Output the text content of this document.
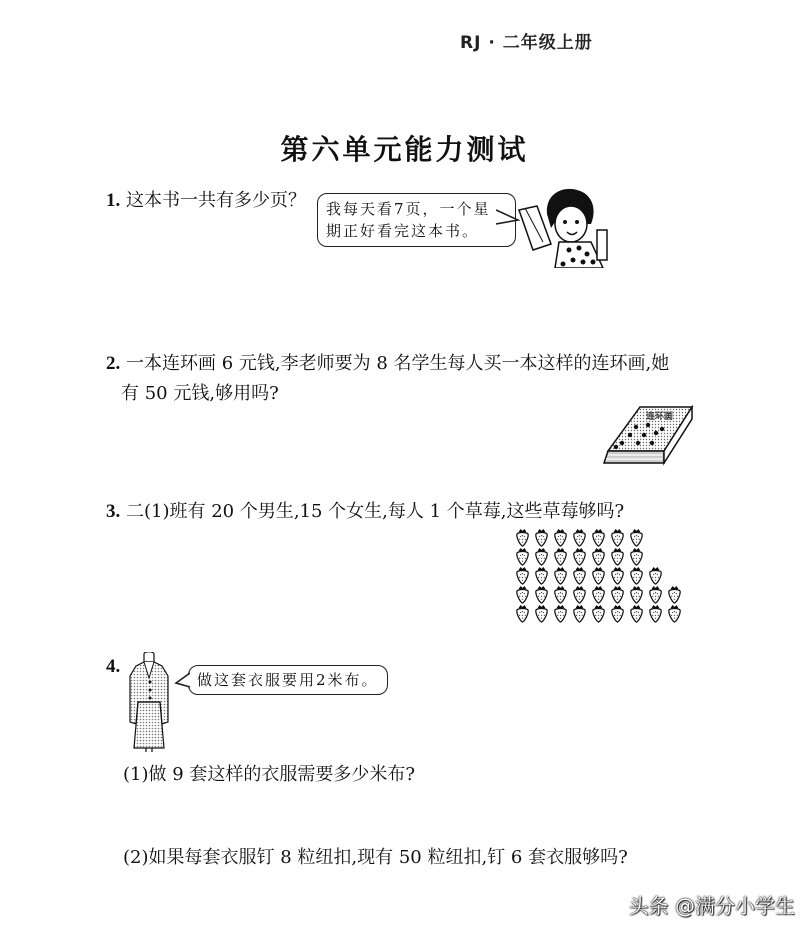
RJ · 二年级上册
第六单元能力测试
1. 这本书一共有多少页？ 我每天看7页，一个星
期正好看完这本书。
2. 一本连环画 6 元钱,李老师要为 8 名学生每人买一本这样的连环画,她
有 50 元钱,够用吗?
连环画
3. 二(1)班有 20 个男生,15 个女生,每人 1 个草莓,这些草莓够吗?
4.
做这套衣服要用2米布。
(1)做 9 套这样的衣服需要多少米布?
(2)如果每套衣服钉 8 粒纽扣,现有 50 粒纽扣,钉 6 套衣服够吗?
头条 @满分小学生
